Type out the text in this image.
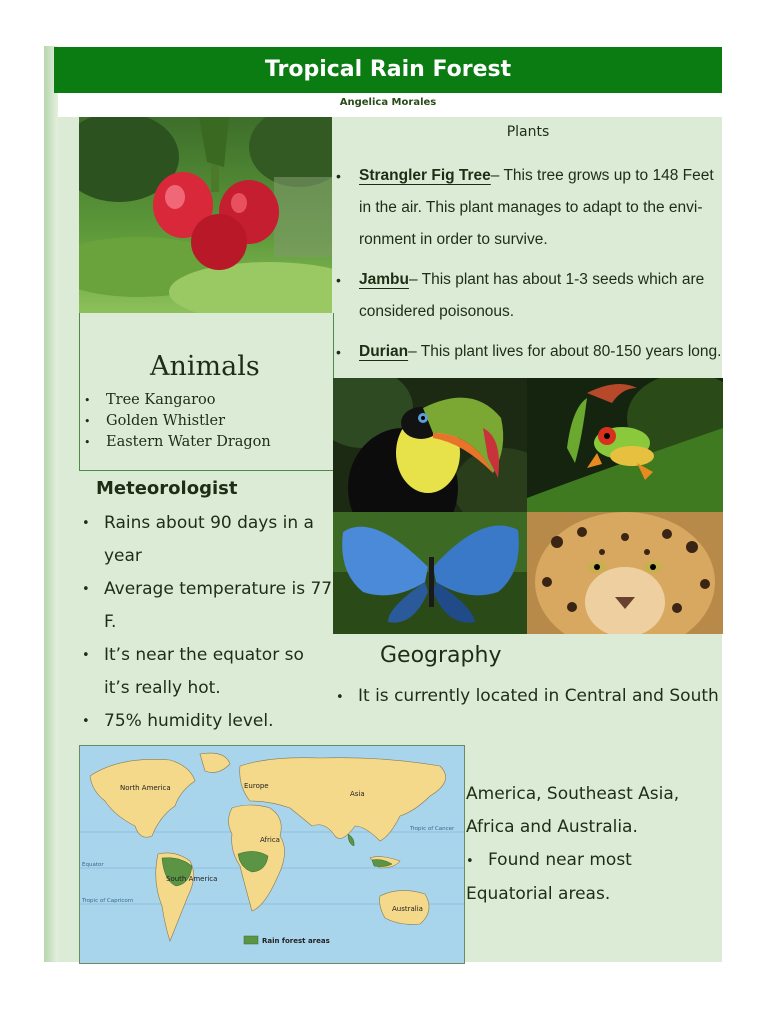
Tropical Rain Forest
Angelica Morales
Animals
• Tree Kangaroo
• Golden Whistler
• Eastern Water Dragon
Plants
• Strangler Fig Tree– This tree grows up to 148 Feet in the air. This plant manages to adapt to the envi-ronment in order to survive.
• Jambu– This plant has about 1-3 seeds which are considered poisonous.
• Durian– This plant lives for about 80-150 years long.
Meteorologist
• Rains about 90 days in a year
• Average temperature is 77 F.
• It’s near the equator so it’s really hot.
• 75% humidity level.
Geography
• It is currently located in Central and South
America, Southeast Asia, Africa and Australia.
• Found near most Equatorial areas.
North America	Europe
Asia
Africa
South America
Australia
Tropic of Cancer
Equator
Tropic of Capricorn
Rain forest areas
